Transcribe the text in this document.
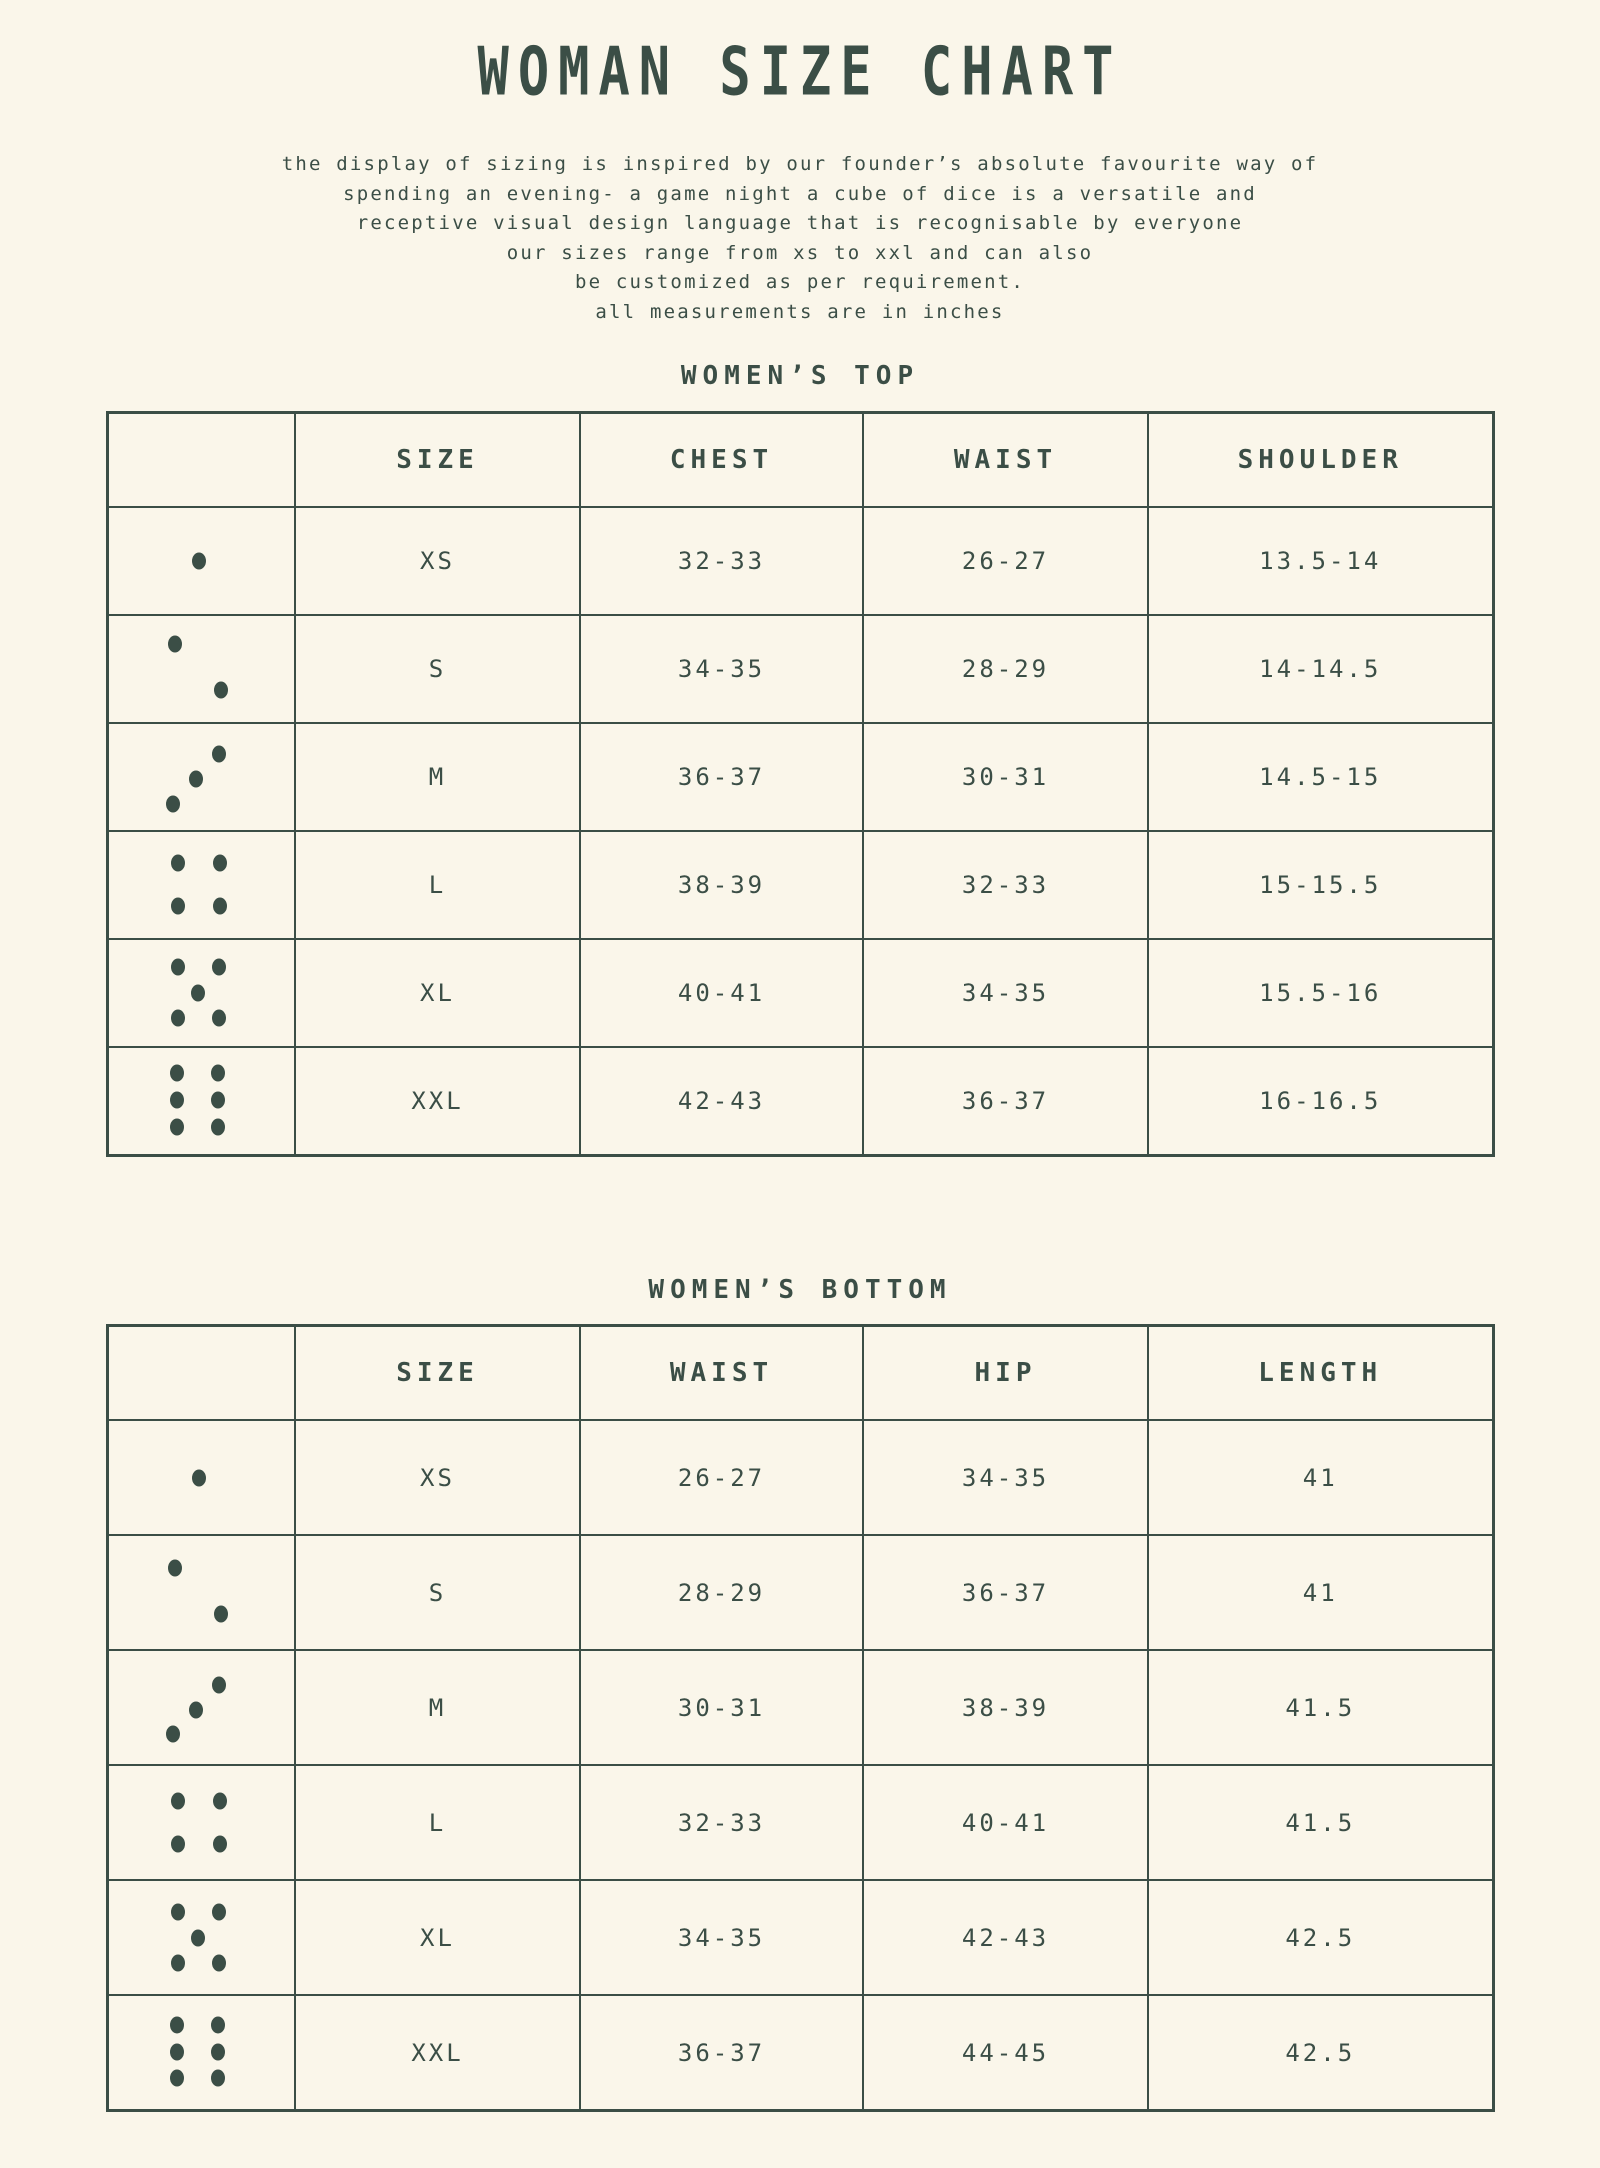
WOMAN SIZE CHART
the display of sizing is inspired by our founder’s absolute favourite way of
spending an evening- a game night a cube of dice is a versatile and
receptive visual design language that is recognisable by everyone
our sizes range from xs to xxl and can also
be customized as per requirement.
all measurements are in inches
WOMEN’S TOP
	SIZE	CHEST	WAIST	SHOULDER

	XS	32-33	26-27	13.5-14

	S	34-35	28-29	14-14.5

	M	36-37	30-31	14.5-15

	L	38-39	32-33	15-15.5

	XL	40-41	34-35	15.5-16

	XXL	42-43	36-37	16-16.5
WOMEN’S BOTTOM
	SIZE	WAIST	HIP	LENGTH

	XS	26-27	34-35	41

	S	28-29	36-37	41

	M	30-31	38-39	41.5

	L	32-33	40-41	41.5

	XL	34-35	42-43	42.5

	XXL	36-37	44-45	42.5
